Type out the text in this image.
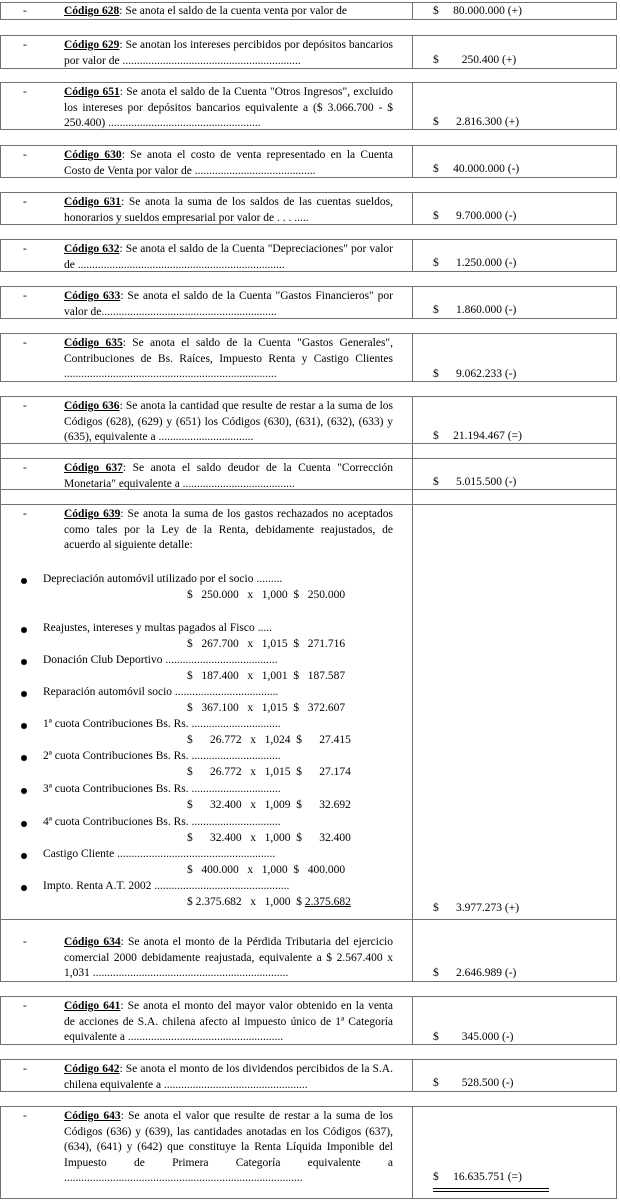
-	Código 628: Se anota el saldo de la cuenta venta por valor de	$     80.000.000 (+)
-	Código 629: Se anotan los intereses percibidos por depósitos bancarios por valor de ..............................................................	$        250.400 (+)
-	Código 651: Se anota el saldo de la Cuenta "Otros Ingresos", excluido los intereses por depósitos bancarios equivalente a ($ 3.066.700 - $ 250.400) .....................................................	$      2.816.300 (+)
-	Código 630: Se anota el costo de venta representado en la Cuenta Costo de Venta por valor de ..........................................	$     40.000.000 (-)
-	Código 631: Se anota la suma de los saldos de las cuentas sueldos, honorarios y sueldos empresarial por valor de . . . .....	$      9.700.000 (-)
-	Código 632: Se anota el saldo de la Cuenta "Depreciaciones" por valor de ........................................................................	$      1.250.000 (-)
-	Código 633: Se anota el saldo de la Cuenta "Gastos Financieros" por valor de.............................................................	$      1.860.000 (-)
-	Código 635: Se anota el saldo de la Cuenta "Gastos Generales", Contribuciones de Bs. Raíces, Impuesto Renta y Castigo Clientes ..........................................................................	$      9.062.233 (-)
-	Código 636: Se anota la cantidad que resulte de restar a la suma de los Códigos (628), (629) y (651) los Códigos (630), (631), (632), (633) y (635), equivalente a .................................	$     21.194.467 (=)
-	Código 637: Se anota el saldo deudor de la Cuenta "Corrección Monetaria" equivalente a .......................................	$      5.015.500 (-)
-	Código 639: Se anota la suma de los gastos rechazados no aceptados como tales por la Ley de la Renta, debidamente reajustados, de acuerdo al siguiente detalle:
Depreciación automóvil utilizado por el socio .........
$   250.000   x   1,000  $   250.000
Reajustes, intereses y multas pagados al Fisco .....
$   267.700   x   1,015  $   271.716
Donación Club Deportivo .......................................
$   187.400   x   1,001  $   187.587
Reparación automóvil socio ....................................
$   367.100   x   1,015  $   372.607
1ª cuota Contribuciones Bs. Rs. ...............................
$      26.772   x   1,024  $      27.415
2ª cuota Contribuciones Bs. Rs. ...............................
$      26.772   x   1,015  $      27.174
3ª cuota Contribuciones Bs. Rs. ...............................
$      32.400   x   1,009  $      32.692
4ª cuota Contribuciones Bs. Rs. ...............................
$      32.400   x   1,000  $      32.400
Castigo Cliente .......................................................
$   400.000   x   1,000  $   400.000
Impto. Renta A.T. 2002 ...............................................
$ 2.375.682   x   1,000  $ 2.375.682	$      3.977.273 (+)
-	Código 634: Se anota el monto de la Pérdida Tributaria del ejercicio comercial 2000 debidamente reajustada, equivalente a $ 2.567.400 x 1,031 ....................................................................	$      2.646.989 (-)
-	Código 641: Se anota el monto del mayor valor obtenido en la venta de acciones de S.A. chilena afecto al impuesto único de 1ª Categoría equivalente a ......................................................	$        345.000 (-)
-	Código 642: Se anota el monto de los dividendos percibidos de la S.A. chilena equivalente a ..................................................	$        528.500 (-)
-	Código 643: Se anota el valor que resulte de restar a la suma de los Códigos (636) y (639), las cantidades anotadas en los Códigos (637), (634), (641) y (642) que constituye la Renta Líquida Imponible del Impuesto de Primera Categoría equivalente a ...................................................................................	$     16.635.751 (=)
